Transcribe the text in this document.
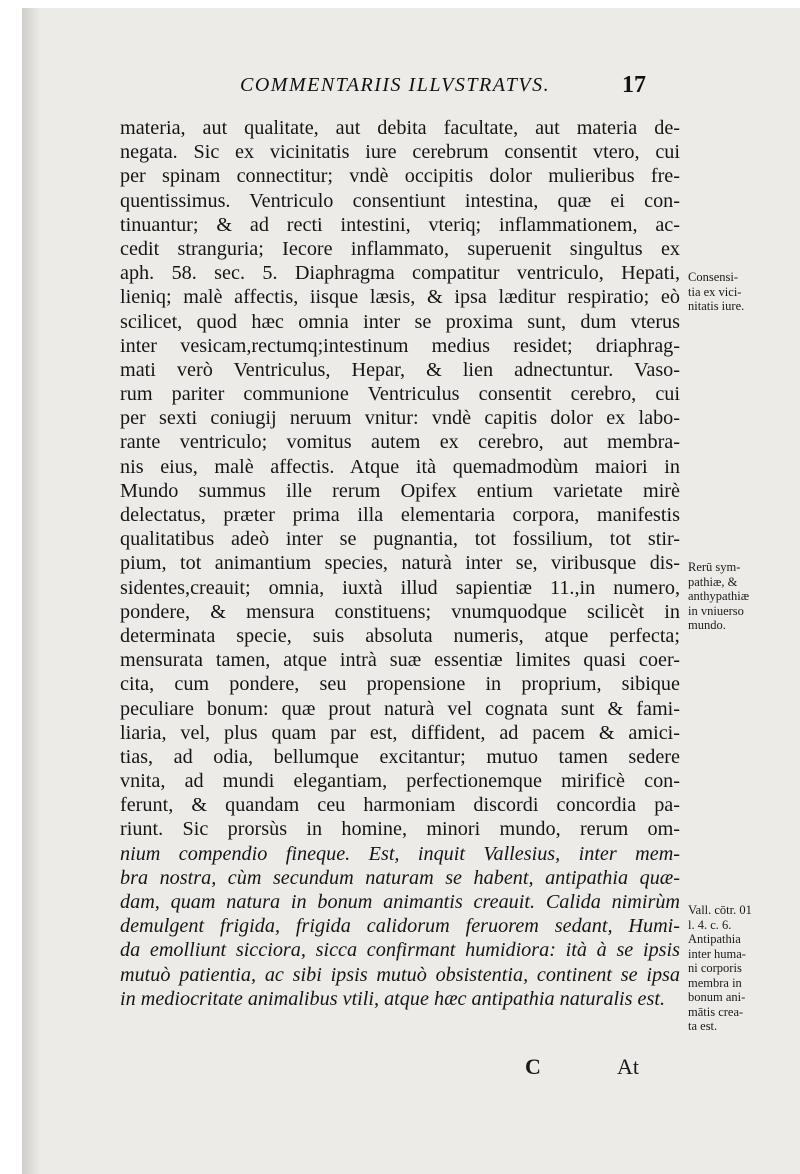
COMMENTARIIS ILLVSTRATVS.	17
materia, aut qualitate, aut debita facultate, aut materia de-
negata. Sic ex vicinitatis iure cerebrum consentit vtero, cui
per spinam connectitur; vndè occipitis dolor mulieribus fre-
quentissimus. Ventriculo consentiunt intestina, quæ ei con-
tinuantur; & ad recti intestini, vteriq; inflammationem, ac-
cedit stranguria; Iecore inflammato, superuenit singultus ex
aph. 58. sec. 5. Diaphragma compatitur ventriculo, Hepati,
lieniq; malè affectis, iisque læsis, & ipsa læditur respiratio; eò
scilicet, quod hæc omnia inter se proxima sunt, dum vterus
inter vesicam,rectumq;intestinum medius residet; driaphrag-
mati verò Ventriculus, Hepar, & lien adnectuntur. Vaso-
rum pariter communione Ventriculus consentit cerebro, cui
per sexti coniugij neruum vnitur: vndè capitis dolor ex labo-
rante ventriculo; vomitus autem ex cerebro, aut membra-
nis eius, malè affectis. Atque ità quemadmodùm maiori in
Mundo summus ille rerum Opifex entium varietate mirè
delectatus, præter prima illa elementaria corpora, manifestis
qualitatibus adeò inter se pugnantia, tot fossilium, tot stir-
pium, tot animantium species, naturà inter se, viribusque dis-
sidentes,creauit; omnia, iuxtà illud sapientiæ 11.,in numero,
pondere, & mensura constituens; vnumquodque scilicèt in
determinata specie, suis absoluta numeris, atque perfecta;
mensurata tamen, atque intrà suæ essentiæ limites quasi coer-
cita, cum pondere, seu propensione in proprium, sibique
peculiare bonum: quæ prout naturà vel cognata sunt & fami-
liaria, vel, plus quam par est, diffident, ad pacem & amici-
tias, ad odia, bellumque excitantur; mutuo tamen sedere
vnita, ad mundi elegantiam, perfectionemque mirificè con-
ferunt, & quandam ceu harmoniam discordi concordia pa-
riunt. Sic prorsùs in homine, minori mundo, rerum om-
nium compendio fineque. Est, inquit Vallesius, inter mem-
bra nostra, cùm secundum naturam se habent, antipathia quæ-
dam, quam natura in bonum animantis creauit. Calida nimirùm
demulgent frigida, frigida calidorum feruorem sedant, Humi-
da emolliunt sicciora, sicca confirmant humidiora: ità à se ipsis
mutuò patientia, ac sibi ipsis mutuò obsistentia, continent se ipsa
in mediocritate animalibus vtili, atque hæc antipathia naturalis est.
C	At
Consensi-
tia ex vici-
nitatis iure.
Rerū sym-
pathiæ, &
anthypathiæ
in vniuerso
mundo.
Vall. cōtr. 01
l. 4. c. 6.
Antipathia
inter huma-
ni corporis
membra in
bonum ani-
mātis crea-
ta est.
